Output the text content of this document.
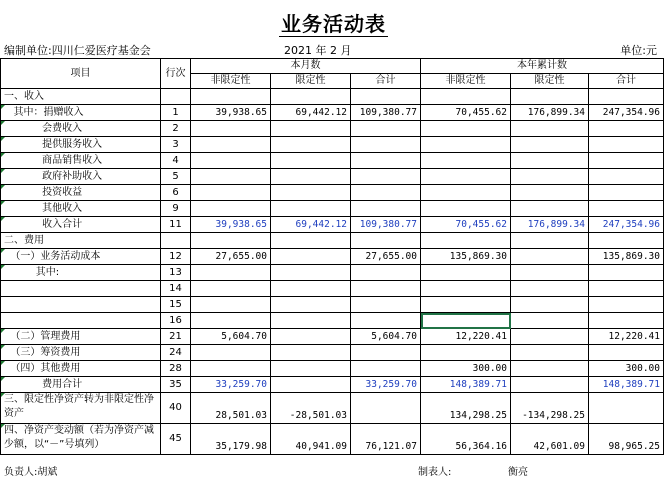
业务活动表
编制单位:四川仁爱医疗基金会	2021 年 2 月	单位:元
项目	行次	本月数			本年累计数		
		非限定性	限定性	合计	非限定性	限定性	合计
一、收入							
其中：捐赠收入	1	39,938.65	69,442.12	109,380.77	70,455.62	176,899.34	247,354.96
会费收入	2						
提供服务收入	3						
商品销售收入	4						
政府补助收入	5						
投资收益	6						
其他收入	9						
收入合计	11	39,938.65	69,442.12	109,380.77	70,455.62	176,899.34	247,354.96
二、费用							
（一）业务活动成本	12	27,655.00		27,655.00	135,869.30		135,869.30
其中:	13						
	14						
	15						
	16						
（二）管理费用	21	5,604.70		5,604.70	12,220.41		12,220.41
（三）筹资费用	24						
（四）其他费用	28				300.00		300.00
费用合计	35	33,259.70		33,259.70	148,389.71		148,389.71
三、限定性净资产转为非限定性净资产	40	28,501.03	-28,501.03		134,298.25	-134,298.25	
四、净资产变动额（若为净资产减少额，以“－”号填列）	45	35,179.98	40,941.09	76,121.07	56,364.16	42,601.09	98,965.25
负责人:胡斌	制表人:	衡亮
